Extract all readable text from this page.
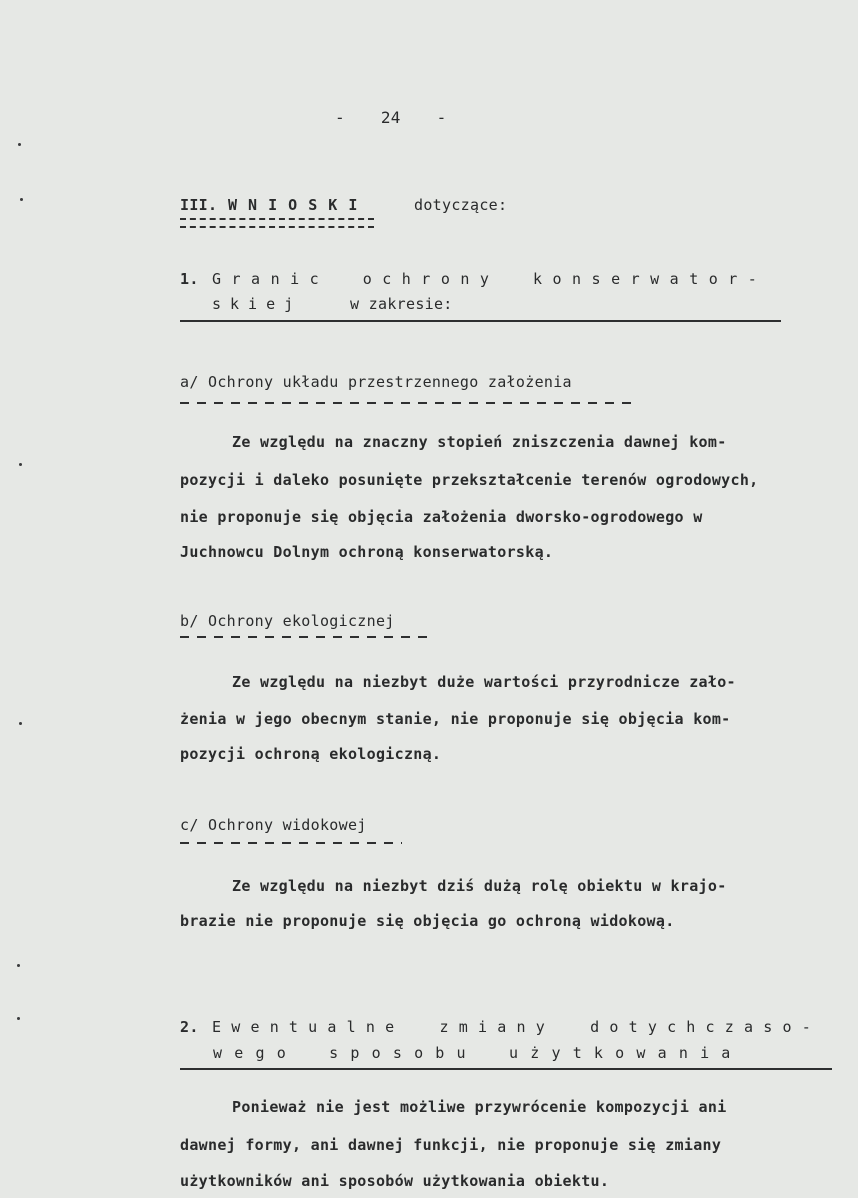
- 24 -
III. W N I O S K I	dotyczące:
1. Granic ochrony konserwator-
skiej	w zakresie:
a/ Ochrony układu przestrzennego założenia
Ze względu na znaczny stopień zniszczenia dawnej kom-
pozycji i daleko posunięte przekształcenie terenów ogrodowych,
nie proponuje się objęcia założenia dworsko-ogrodowego w
Juchnowcu Dolnym ochroną konserwatorską.
b/ Ochrony ekologicznej
Ze względu na niezbyt duże wartości przyrodnicze zało-
żenia w jego obecnym stanie, nie proponuje się objęcia kom-
pozycji ochroną ekologiczną.
c/ Ochrony widokowej
Ze względu na niezbyt dziś dużą rolę obiektu w krajo-
brazie nie proponuje się objęcia go ochroną widokową.
2. Ewentualne zmiany dotychczaso-
wego sposobu użytkowania
Ponieważ nie jest możliwe przywrócenie kompozycji ani
dawnej formy, ani dawnej funkcji, nie proponuje się zmiany
użytkowników ani sposobów użytkowania obiektu.
